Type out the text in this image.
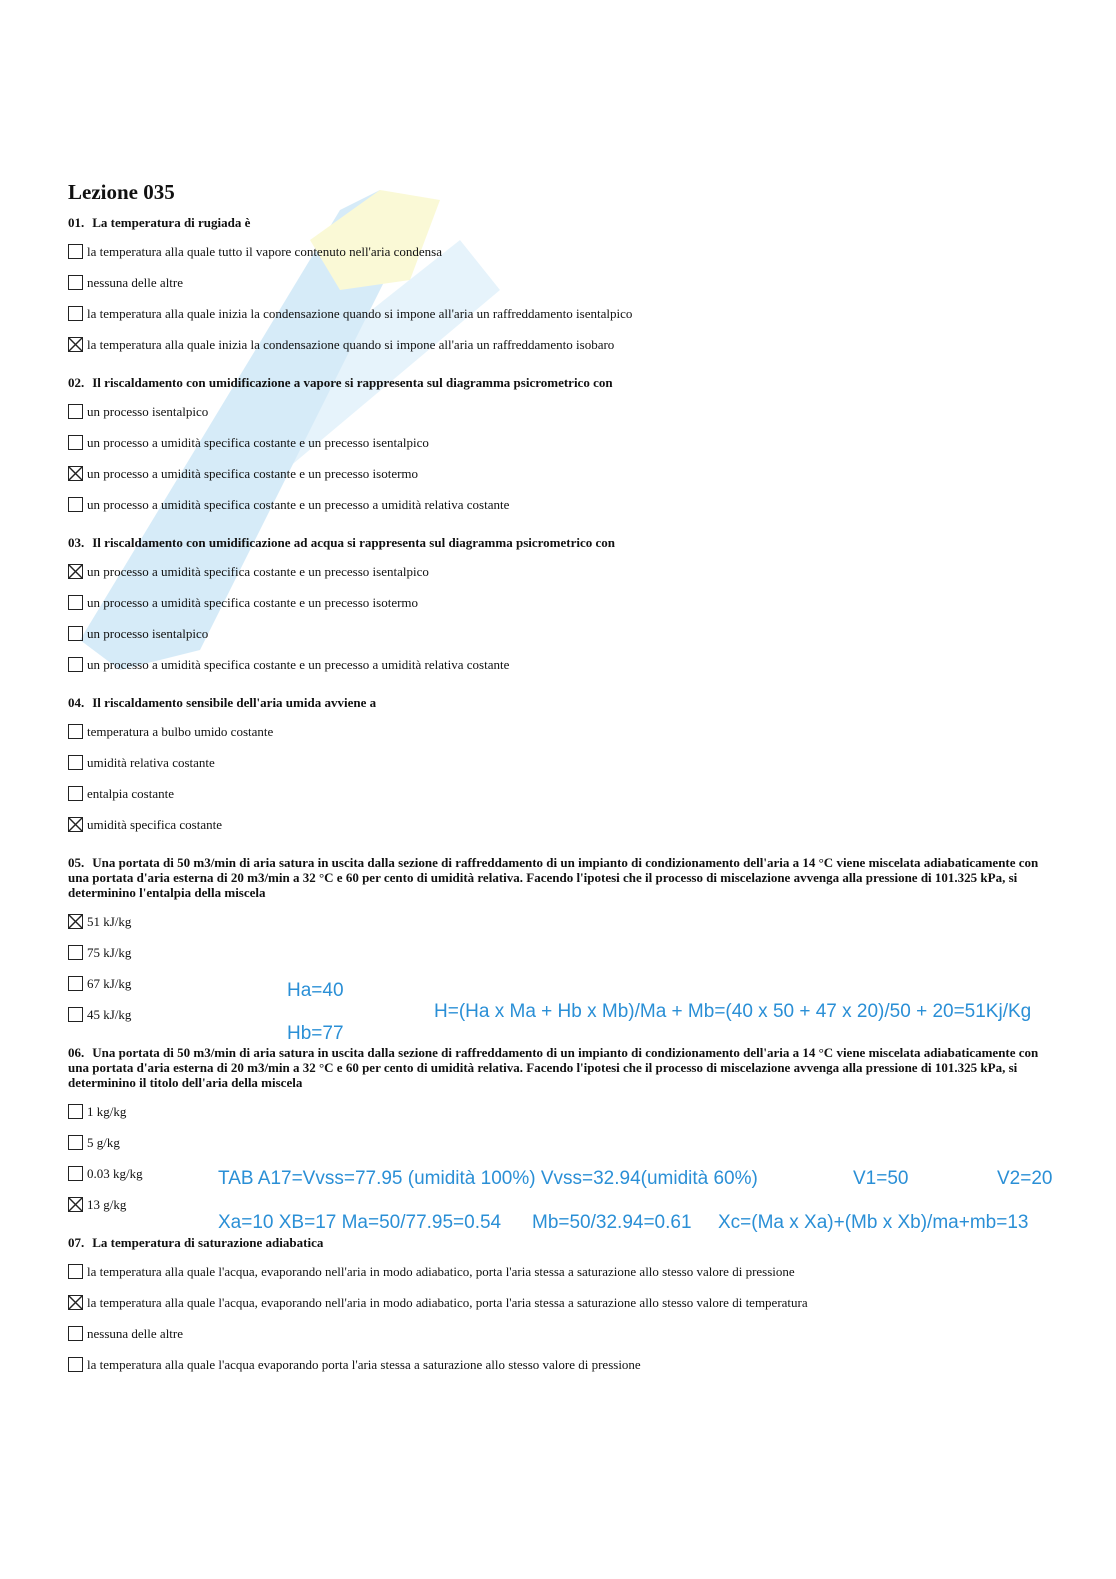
Lezione 035
01. La temperatura di rugiada è
la temperatura alla quale tutto il vapore contenuto nell'aria condensa
nessuna delle altre
la temperatura alla quale inizia la condensazione quando si impone all'aria un raffreddamento isentalpico
la temperatura alla quale inizia la condensazione quando si impone all'aria un raffreddamento isobaro
02. Il riscaldamento con umidificazione a vapore si rappresenta sul diagramma psicrometrico con
un processo isentalpico
un processo a umidità specifica costante e un precesso isentalpico
un processo a umidità specifica costante e un precesso isotermo
un processo a umidità specifica costante e un precesso a umidità relativa costante
03. Il riscaldamento con umidificazione ad acqua si rappresenta sul diagramma psicrometrico con
un processo a umidità specifica costante e un precesso isentalpico
un processo a umidità specifica costante e un precesso isotermo
un processo isentalpico
un processo a umidità specifica costante e un precesso a umidità relativa costante
04. Il riscaldamento sensibile dell'aria umida avviene a
temperatura a bulbo umido costante
umidità relativa costante
entalpia costante
umidità specifica costante
05. Una portata di 50 m3/min di aria satura in uscita dalla sezione di raffreddamento di un impianto di condizionamento dell'aria a 14 °C viene miscelata adiabaticamente con una portata d'aria esterna di 20 m3/min a 32 °C e 60 per cento di umidità relativa. Facendo l'ipotesi che il processo di miscelazione avvenga alla pressione di 101.325 kPa, si determinino l'entalpia della miscela
51 kJ/kg
75 kJ/kg
67 kJ/kg
45 kJ/kg
06. Una portata di 50 m3/min di aria satura in uscita dalla sezione di raffreddamento di un impianto di condizionamento dell'aria a 14 °C viene miscelata adiabaticamente con una portata d'aria esterna di 20 m3/min a 32 °C e 60 per cento di umidità relativa. Facendo l'ipotesi che il processo di miscelazione avvenga alla pressione di 101.325 kPa, si determinino il titolo dell'aria della miscela
1 kg/kg
5 g/kg
0.03 kg/kg
13 g/kg
07. La temperatura di saturazione adiabatica
la temperatura alla quale l'acqua, evaporando nell'aria in modo adiabatico, porta l'aria stessa a saturazione allo stesso valore di pressione
la temperatura alla quale l'acqua, evaporando nell'aria in modo adiabatico, porta l'aria stessa a saturazione allo stesso valore di temperatura
nessuna delle altre
la temperatura alla quale l'acqua evaporando porta l'aria stessa a saturazione allo stesso valore di pressione
Ha=40
Hb=77
H=(Ha x Ma + Hb x Mb)/Ma + Mb=(40 x 50 + 47 x 20)/50 + 20=51Kj/Kg
TAB A17=Vvss=77.95 (umidità 100%) Vvss=32.94(umidità 60%)	V1=50	V2=20
Xa=10 XB=17 Ma=50/77.95=0.54 Mb=50/32.94=0.61 Xc=(Ma x Xa)+(Mb x Xb)/ma+mb=13
